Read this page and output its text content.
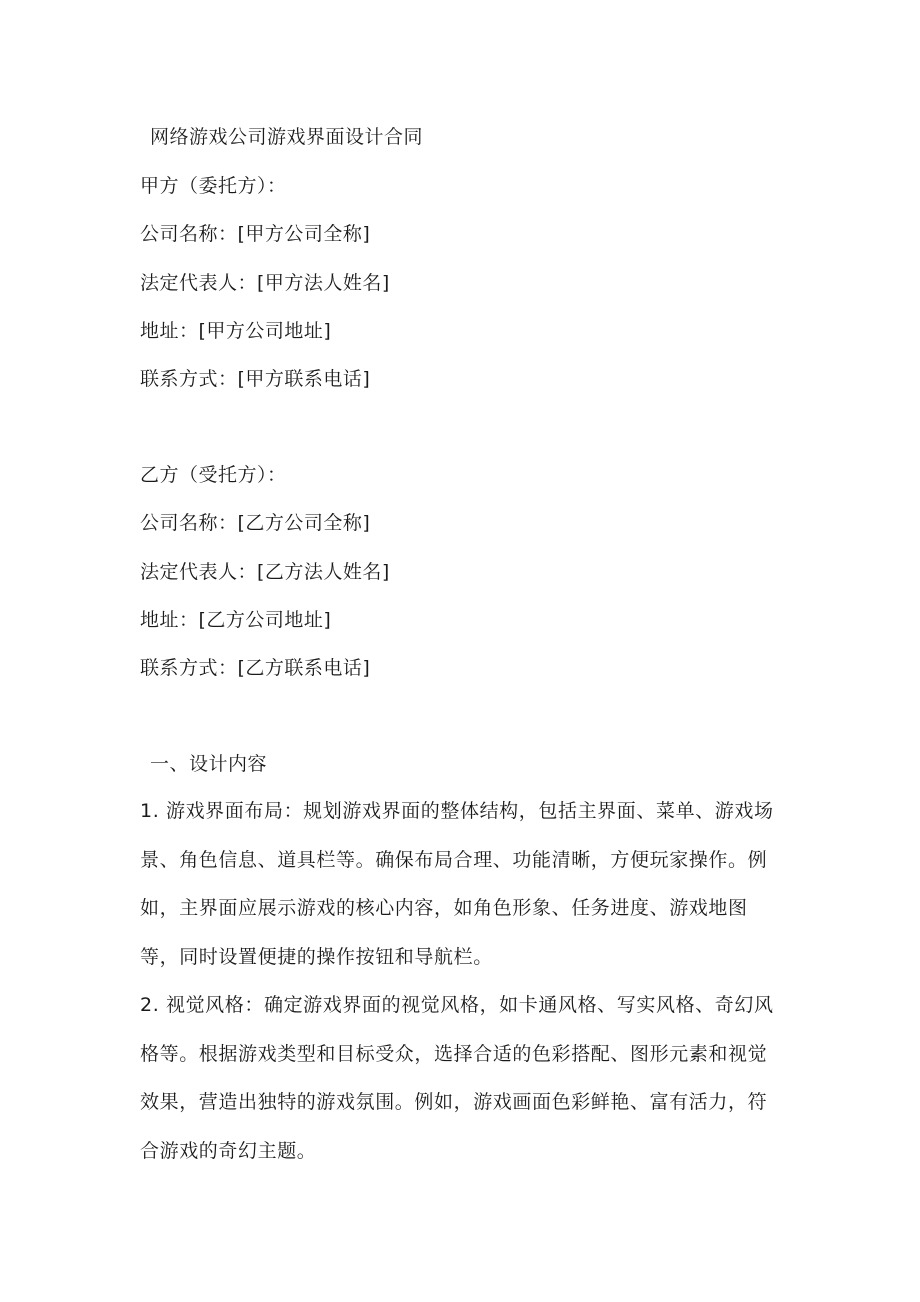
网络游戏公司游戏界面设计合同
甲方（委托方）：
公司名称：[甲方公司全称]
法定代表人：[甲方法人姓名]
地址：[甲方公司地址]
联系方式：[甲方联系电话]
乙方（受托方）：
公司名称：[乙方公司全称]
法定代表人：[乙方法人姓名]
地址：[乙方公司地址]
联系方式：[乙方联系电话]
一、设计内容
1. 游戏界面布局：规划游戏界面的整体结构，包括主界面、菜单、游戏场景、角色信息、道具栏等。确保布局合理、功能清晰，方便玩家操作。例如，主界面应展示游戏的核心内容，如角色形象、任务进度、游戏地图等，同时设置便捷的操作按钮和导航栏。
2. 视觉风格：确定游戏界面的视觉风格，如卡通风格、写实风格、奇幻风格等。根据游戏类型和目标受众，选择合适的色彩搭配、图形元素和视觉效果，营造出独特的游戏氛围。例如，游戏画面色彩鲜艳、富有活力，符合游戏的奇幻主题。
